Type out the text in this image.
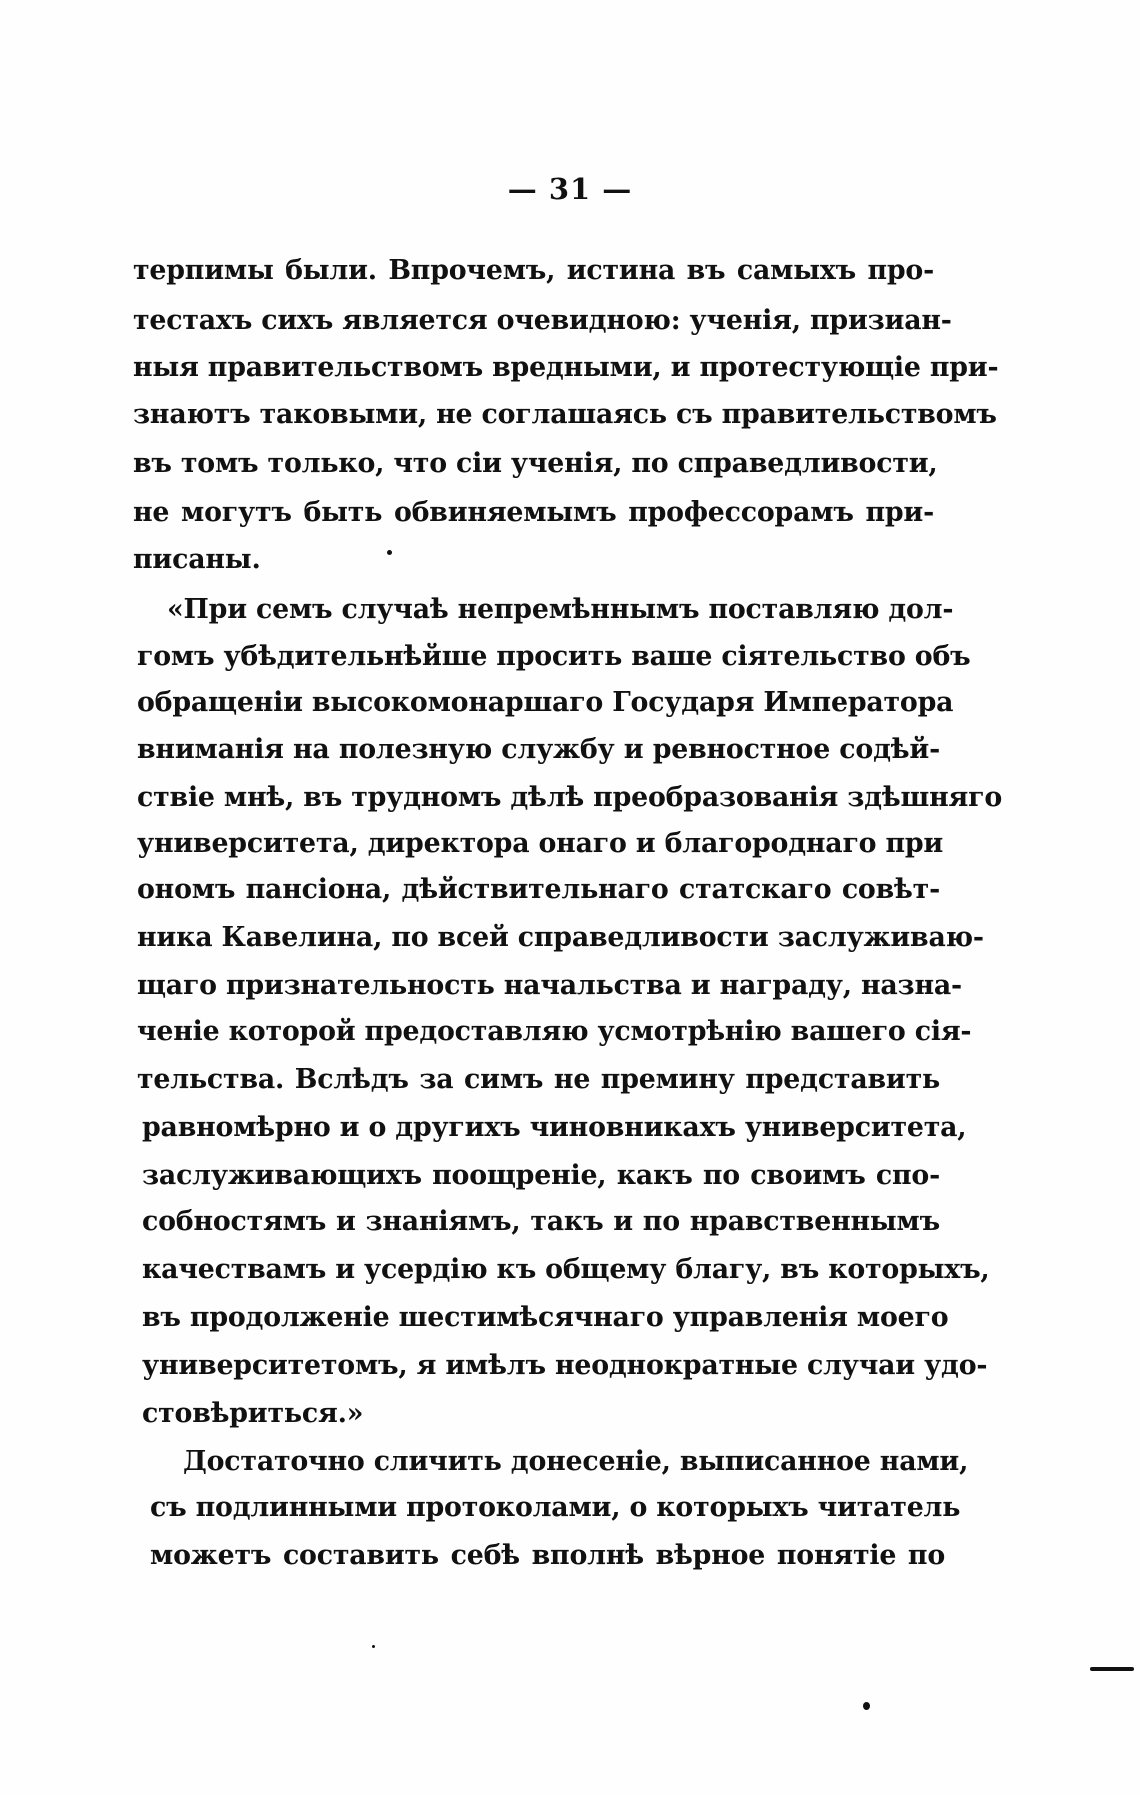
— 31 —
терпимы были. Впрочемъ, истина въ самыхъ про-
тестахъ сихъ является очевидною: ученія, призиан-
ныя правительствомъ вредными, и протестующіе при-
знаютъ таковыми, не соглашаясь съ правительствомъ
въ томъ только, что сіи ученія, по справедливости,
не могутъ быть обвиняемымъ профессорамъ при-
писаны.
«При семъ случаѣ непремѣннымъ поставляю дол-
гомъ убѣдительнѣйше просить ваше сіятельство объ
обращеніи высокомонаршаго Государя Императора
вниманія на полезную службу и ревностное содѣй-
ствіе мнѣ, въ трудномъ дѣлѣ преобразованія здѣшняго
университета, директора онаго и благороднаго при
ономъ пансіона, дѣйствительнаго статскаго совѣт-
ника Кавелина, по всей справедливости заслуживаю-
щаго признательность начальства и награду, назна-
ченіе которой предоставляю усмотрѣнію вашего сія-
тельства. Вслѣдъ за симъ не премину представить
равномѣрно и о другихъ чиновникахъ университета,
заслуживающихъ поощреніе, какъ по своимъ спо-
собностямъ и знаніямъ, такъ и по нравственнымъ
качествамъ и усердію къ общему благу, въ которыхъ,
въ продолженіе шестимѣсячнаго управленія моего
университетомъ, я имѣлъ неоднократные случаи удо-
стовѣриться.»
Достаточно сличить донесеніе, выписанное нами,
съ подлинными протоколами, о которыхъ читатель
можетъ составить себѣ вполнѣ вѣрное понятіе по
